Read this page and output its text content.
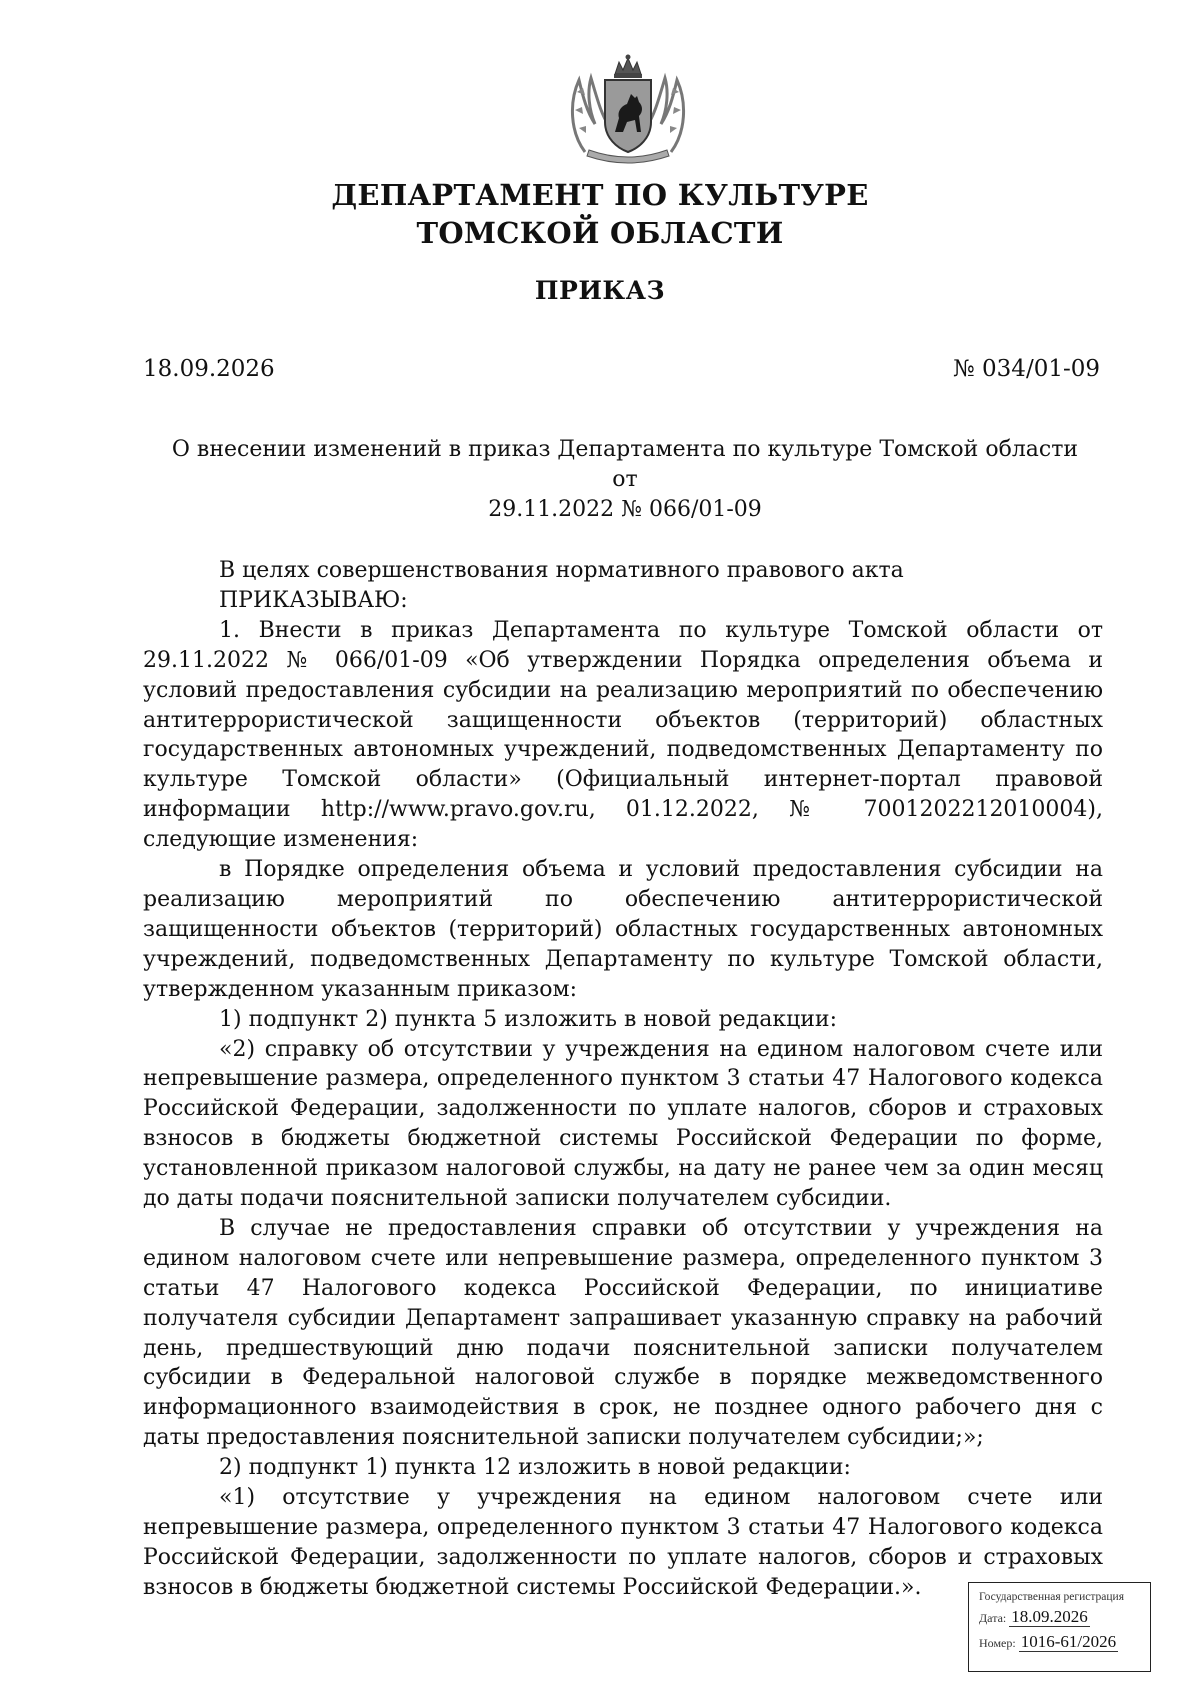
ДЕПАРТАМЕНТ ПО КУЛЬТУРЕ
ТОМСКОЙ ОБЛАСТИ
ПРИКАЗ
18.09.2026	№ 034/01-09
О внесении изменений в приказ Департамента по культуре Томской области от
29.11.2022 № 066/01-09

В целях совершенствования нормативного правового акта

ПРИКАЗЫВАЮ:

1. Внести в приказ Департамента по культуре Томской области от 29.11.2022 № 066/01-09 «Об утверждении Порядка определения объема и условий предоставления субсидии на реализацию мероприятий по обеспечению антитеррористической защищенности объектов (территорий) областных государственных автономных учреждений, подведомственных Департаменту по культуре Томской области» (Официальный интернет-портал правовой информации http://www.pravo.gov.ru, 01.12.2022, № 7001202212010004), следующие изменения:

в Порядке определения объема и условий предоставления субсидии на реализацию мероприятий по обеспечению антитеррористической защищенности объектов (территорий) областных государственных автономных учреждений, подведомственных Департаменту по культуре Томской области, утвержденном указанным приказом:

1) подпункт 2) пункта 5 изложить в новой редакции:

«2) справку об отсутствии у учреждения на едином налоговом счете или непревышение размера, определенного пунктом 3 статьи 47 Налогового кодекса Российской Федерации, задолженности по уплате налогов, сборов и страховых взносов в бюджеты бюджетной системы Российской Федерации по форме, установленной приказом налоговой службы, на дату не ранее чем за один месяц до даты подачи пояснительной записки получателем субсидии.

В случае не предоставления справки об отсутствии у учреждения на едином налоговом счете или непревышение размера, определенного пунктом 3 статьи 47 Налогового кодекса Российской Федерации, по инициативе получателя субсидии Департамент запрашивает указанную справку на рабочий день, предшествующий дню подачи пояснительной записки получателем субсидии в Федеральной налоговой службе в порядке межведомственного информационного взаимодействия в срок, не позднее одного рабочего дня с даты предоставления пояснительной записки получателем субсидии;»;

2) подпункт 1) пункта 12 изложить в новой редакции:

«1) отсутствие у учреждения на едином налоговом счете или непревышение размера, определенного пунктом 3 статьи 47 Налогового кодекса Российской Федерации, задолженности по уплате налогов, сборов и страховых взносов в бюджеты бюджетной системы Российской Федерации.».	Государственная регистрация
Дата: 18.09.2026
Номер: 1016-61/2026
